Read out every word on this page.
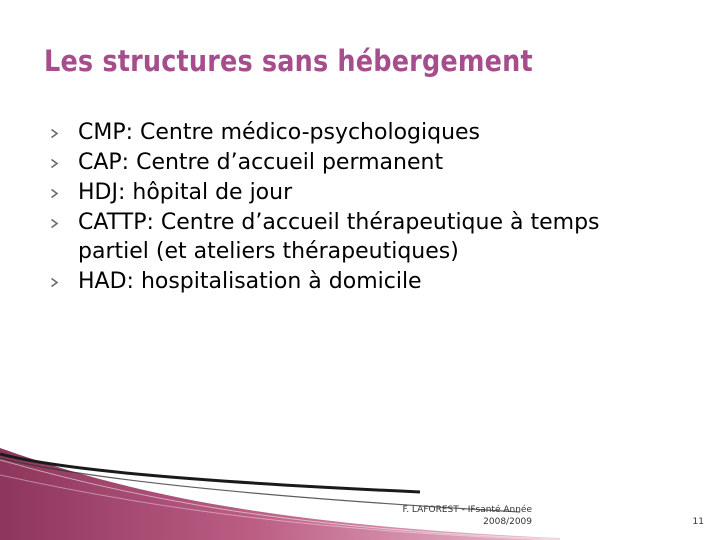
Les structures sans hébergement
CMP: Centre médico-psychologiques
CAP: Centre d’accueil permanent
HDJ: hôpital de jour
CATTP: Centre d’accueil thérapeutique à temps partiel (et ateliers thérapeutiques)
HAD: hospitalisation à domicile
F. LAFOREST - IFsanté Année
2008/2009	11
